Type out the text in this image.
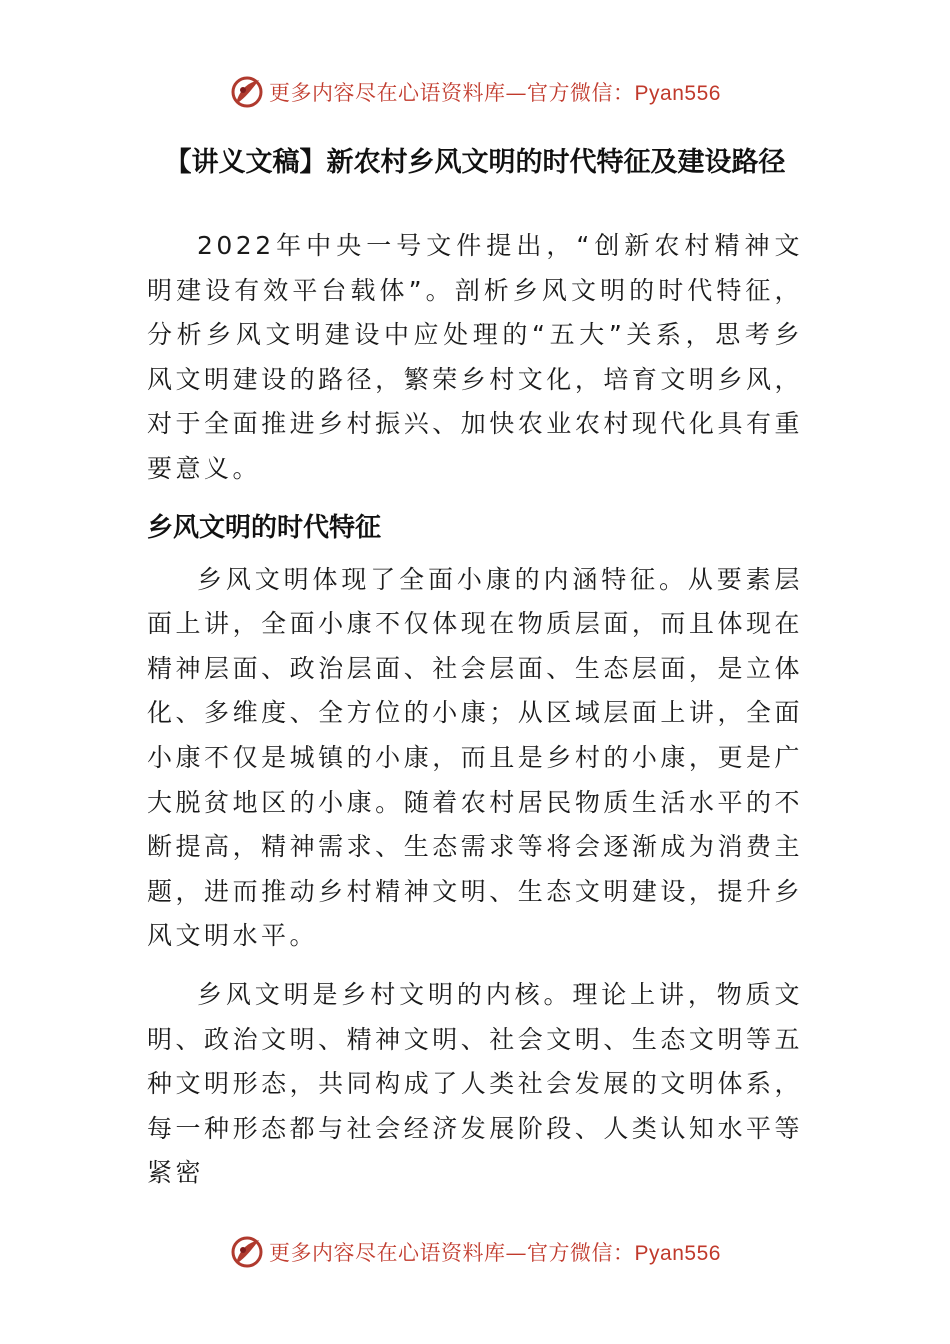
更多内容尽在心语资料库—官方微信：Pyan556
【讲义文稿】新农村乡风文明的时代特征及建设路径

2022年中央一号文件提出，“创新农村精神文明建设有效平台载体”。剖析乡风文明的时代特征，分析乡风文明建设中应处理的“五大”关系，思考乡风文明建设的路径，繁荣乡村文化，培育文明乡风，对于全面推进乡村振兴、加快农业农村现代化具有重要意义。

乡风文明的时代特征

乡风文明体现了全面小康的内涵特征。从要素层面上讲，全面小康不仅体现在物质层面，而且体现在精神层面、政治层面、社会层面、生态层面，是立体化、多维度、全方位的小康；从区域层面上讲，全面小康不仅是城镇的小康，而且是乡村的小康，更是广大脱贫地区的小康。随着农村居民物质生活水平的不断提高，精神需求、生态需求等将会逐渐成为消费主题，进而推动乡村精神文明、生态文明建设，提升乡风文明水平。

乡风文明是乡村文明的内核。理论上讲，物质文明、政治文明、精神文明、社会文明、生态文明等五种文明形态，共同构成了人类社会发展的文明体系，每一种形态都与社会经济发展阶段、人类认知水平等紧密

更多内容尽在心语资料库—官方微信：Pyan556
